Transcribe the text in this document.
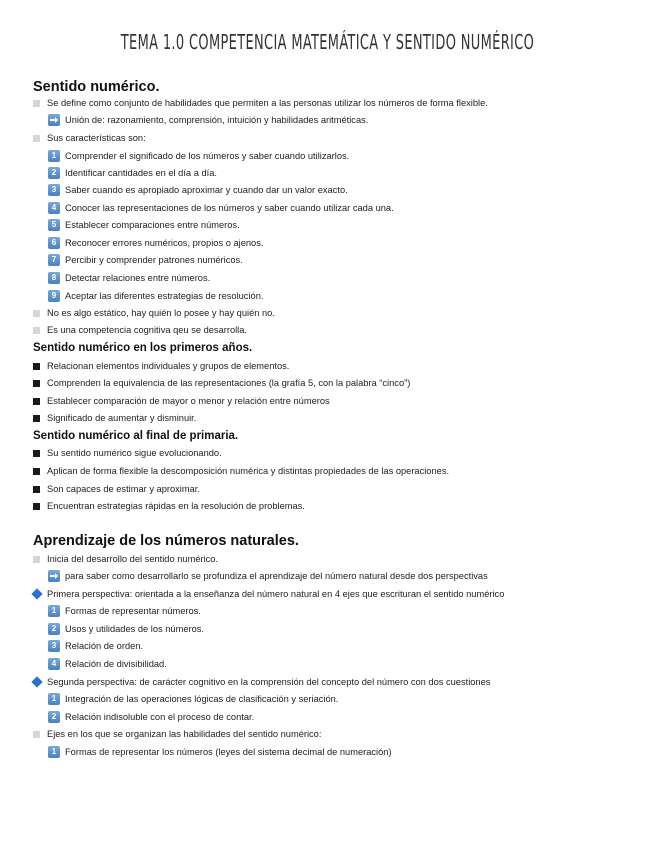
TEMA 1.0 COMPETENCIA MATEMÁTICA Y SENTIDO NUMÉRICO
Sentido numérico.
Se define como conjunto de habilidades que permiten a las personas utilizar los números de forma flexible.
Unión de: razonamiento, comprensión, intuición y habilidades aritméticas.
Sus características son:
1 Comprender el significado de los números y saber cuando utilizarlos.
2 Identificar cantidades en el día a día.
3 Saber cuando es apropiado aproximar y cuando dar un valor exacto.
4 Conocer las representaciones de los números y saber cuando utilizar cada una.
5 Establecer comparaciones entre números.
6 Reconocer errores numéricos, propios o ajenos.
7 Percibir y comprender patrones numéricos.
8 Detectar relaciones entre números.
9 Aceptar las diferentes estrategias de resolución.
No es algo estático, hay quién lo posee y hay quién no.
Es una competencia cognitiva qeu se desarrolla.
Sentido numérico en los primeros años.
Relacionan elementos individuales y grupos de elementos.
Comprenden la equivalencia de las representaciones (la grafía 5, con la palabra “cinco”)
Establecer comparación de mayor o menor y relación entre números
Significado de aumentar y disminuir.
Sentido numérico al final de primaria.
Su sentido numérico sigue evolucionando.
Aplican de forma flexible la descomposición numérica y distintas propiedades de las operaciones.
Son capaces de estimar y aproximar.
Encuentran estrategias rápidas en la resolución de problemas.
Aprendizaje de los números naturales.
Inicia del desarrollo del sentido numérico.
para saber como desarrollarlo se profundiza el aprendizaje del número natural desde dos perspectivas
Primera perspectiva: orientada a la enseñanza del número natural en 4 ejes que escrituran el sentido numérico
1 Formas de representar números.
2 Usos y utilidades de los números.
3 Relación de orden.
4 Relación de divisibilidad.
Segunda perspectiva: de carácter cognitivo en la comprensión del concepto del número con dos cuestiones
1 Integración de las operaciones lógicas de clasificación y seriación.
2 Relación indisoluble con el proceso de contar.
Ejes en los que se organizan las habilidades del sentido numérico:
1 Formas de representar los números (leyes del sistema decimal de numeración)
